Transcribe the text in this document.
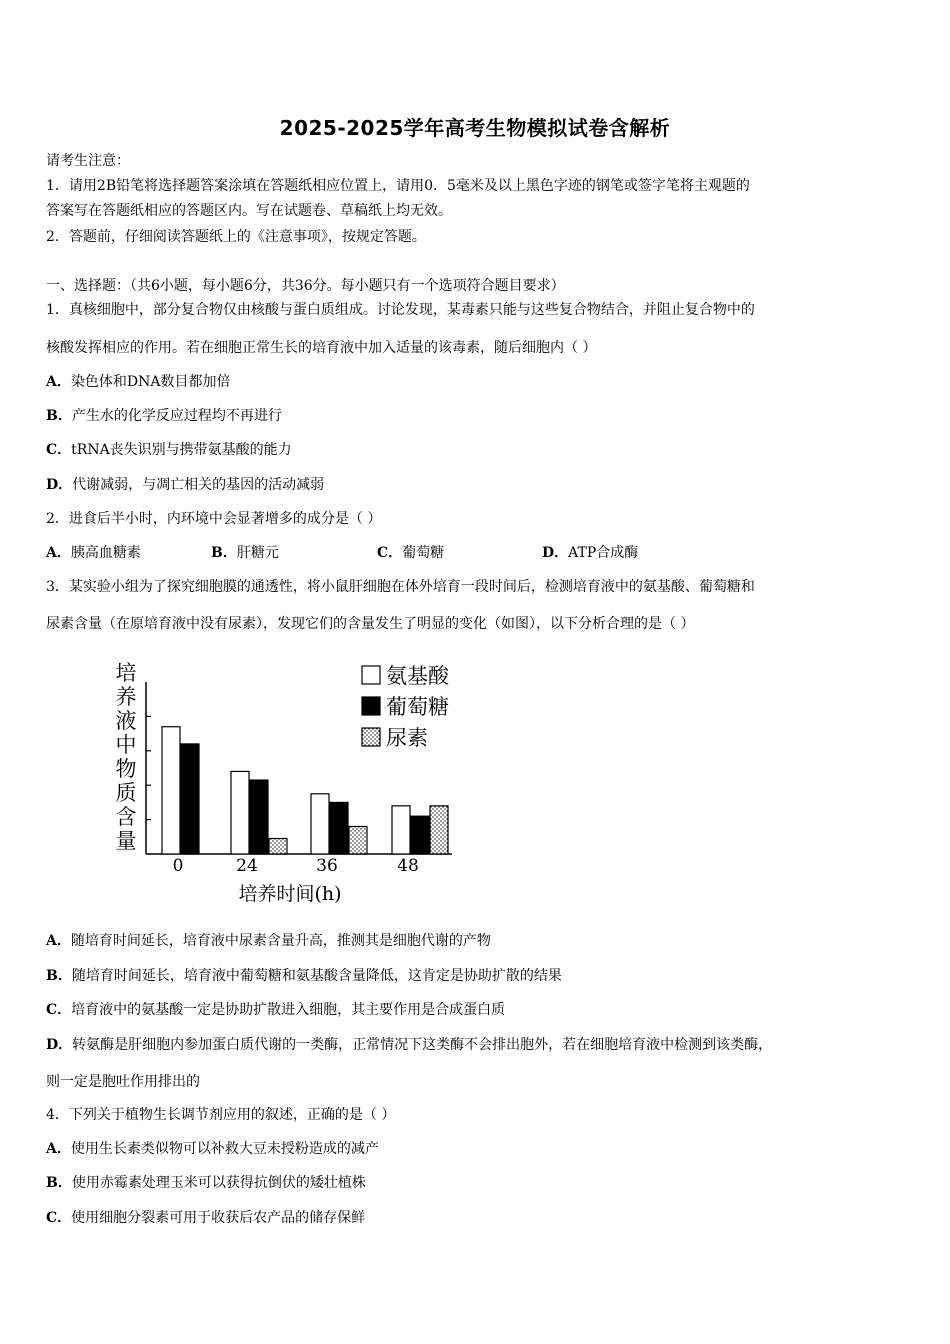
2025-2025学年高考生物模拟试卷含解析
请考生注意：
1．请用2B铅笔将选择题答案涂填在答题纸相应位置上，请用0．5毫米及以上黑色字迹的钢笔或签字笔将主观题的
答案写在答题纸相应的答题区内。写在试题卷、草稿纸上均无效。
2．答题前，仔细阅读答题纸上的《注意事项》，按规定答题。
一、选择题：（共6小题，每小题6分，共36分。每小题只有一个选项符合题目要求）
1．真核细胞中，部分复合物仅由核酸与蛋白质组成。讨论发现，某毒素只能与这些复合物结合，并阻止复合物中的
核酸发挥相应的作用。若在细胞正常生长的培育液中加入适量的该毒素，随后细胞内（ ）
A．染色体和DNA数目都加倍
B．产生水的化学反应过程均不再进行
C．tRNA丧失识别与携带氨基酸的能力
D．代谢减弱，与凋亡相关的基因的活动减弱
2．进食后半小时，内环境中会显著增多的成分是（ ）
A．胰高血糖素	B．肝糖元	C．葡萄糖	D．ATP合成酶
3．某实验小组为了探究细胞膜的通透性，将小鼠肝细胞在体外培育一段时间后，检测培育液中的氨基酸、葡萄糖和
尿素含量（在原培育液中没有尿素），发现它们的含量发生了明显的变化（如图），以下分析合理的是（ ）
培
养
液
中
物
质
含
量
0	24	36	48
氨基酸
葡萄糖
尿素
培养时间(h)
A．随培育时间延长，培育液中尿素含量升高，推测其是细胞代谢的产物
B．随培育时间延长，培育液中葡萄糖和氨基酸含量降低，这肯定是协助扩散的结果
C．培育液中的氨基酸一定是协助扩散进入细胞，其主要作用是合成蛋白质
D．转氨酶是肝细胞内参加蛋白质代谢的一类酶，正常情况下这类酶不会排出胞外，若在细胞培育液中检测到该类酶，
则一定是胞吐作用排出的
4．下列关于植物生长调节剂应用的叙述，正确的是（ ）
A．使用生长素类似物可以补救大豆未授粉造成的减产
B．使用赤霉素处理玉米可以获得抗倒伏的矮壮植株
C．使用细胞分裂素可用于收获后农产品的储存保鲜
